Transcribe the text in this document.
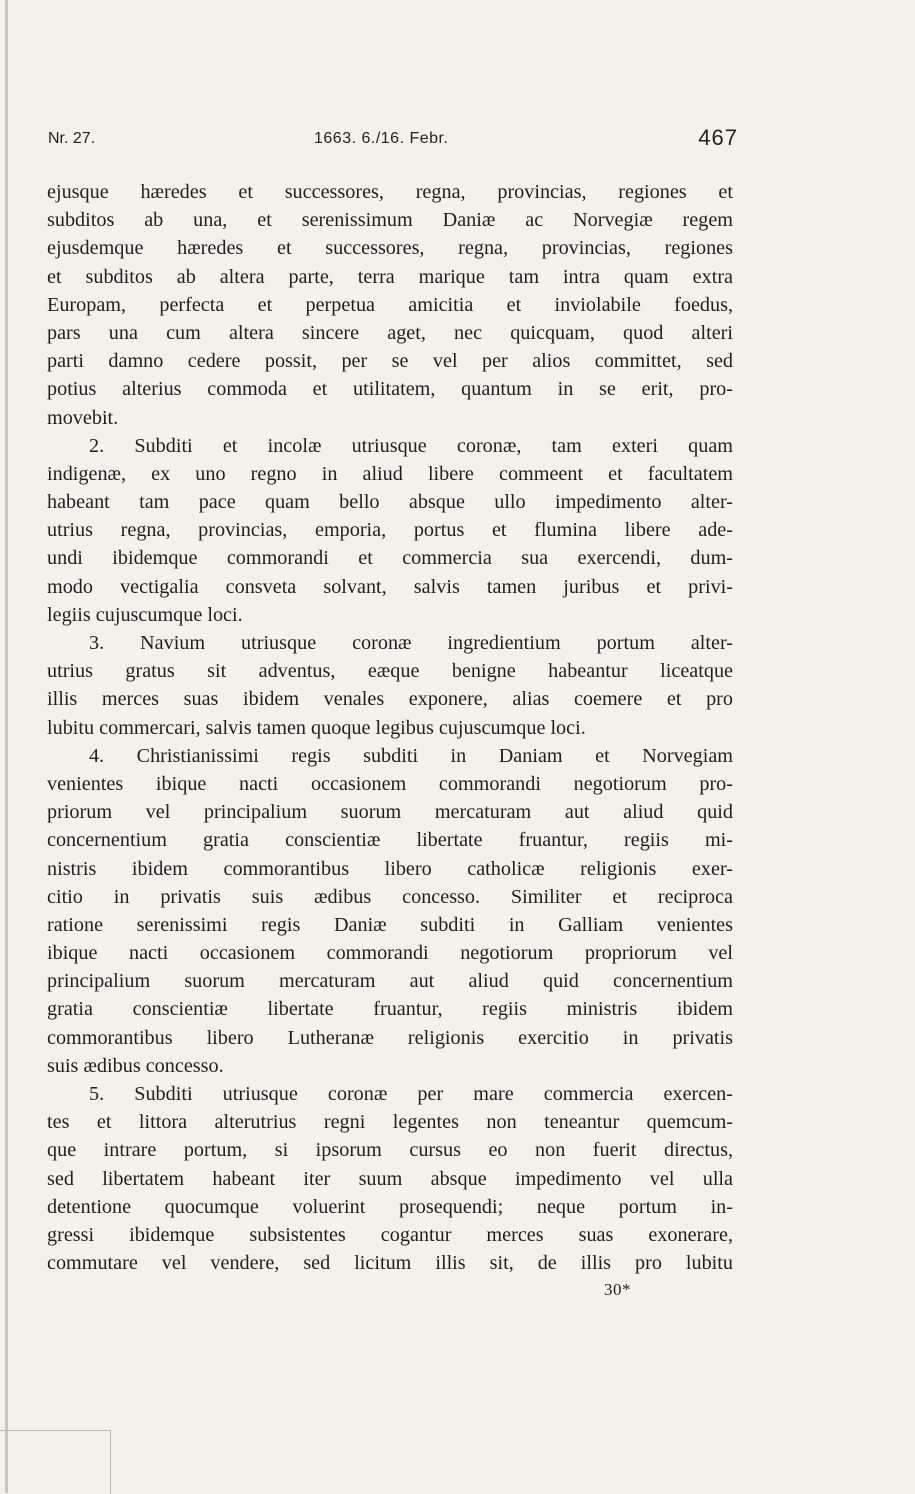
Nr. 27.	1663. 6./16. Febr.	467
ejusque hæredes et successores, regna, provincias, regiones et
subditos ab una, et serenissimum Daniæ ac Norvegiæ regem
ejusdemque hæredes et successores, regna, provincias, regiones
et subditos ab altera parte, terra marique tam intra quam extra
Europam, perfecta et perpetua amicitia et inviolabile foedus,
pars una cum altera sincere aget, nec quicquam, quod alteri
parti damno cedere possit, per se vel per alios committet, sed
potius alterius commoda et utilitatem, quantum in se erit, pro-
movebit.
2. Subditi et incolæ utriusque coronæ, tam exteri quam
indigenæ, ex uno regno in aliud libere commeent et facultatem
habeant tam pace quam bello absque ullo impedimento alter-
utrius regna, provincias, emporia, portus et flumina libere ade-
undi ibidemque commorandi et commercia sua exercendi, dum-
modo vectigalia consveta solvant, salvis tamen juribus et privi-
legiis cujuscumque loci.
3. Navium utriusque coronæ ingredientium portum alter-
utrius gratus sit adventus, eæque benigne habeantur liceatque
illis merces suas ibidem venales exponere, alias coemere et pro
lubitu commercari, salvis tamen quoque legibus cujuscumque loci.
4. Christianissimi regis subditi in Daniam et Norvegiam
venientes ibique nacti occasionem commorandi negotiorum pro-
priorum vel principalium suorum mercaturam aut aliud quid
concernentium gratia conscientiæ libertate fruantur, regiis mi-
nistris ibidem commorantibus libero catholicæ religionis exer-
citio in privatis suis ædibus concesso. Similiter et reciproca
ratione serenissimi regis Daniæ subditi in Galliam venientes
ibique nacti occasionem commorandi negotiorum propriorum vel
principalium suorum mercaturam aut aliud quid concernentium
gratia conscientiæ libertate fruantur, regiis ministris ibidem
commorantibus libero Lutheranæ religionis exercitio in privatis
suis ædibus concesso.
5. Subditi utriusque coronæ per mare commercia exercen-
tes et littora alterutrius regni legentes non teneantur quemcum-
que intrare portum, si ipsorum cursus eo non fuerit directus,
sed libertatem habeant iter suum absque impedimento vel ulla
detentione quocumque voluerint prosequendi; neque portum in-
gressi ibidemque subsistentes cogantur merces suas exonerare,
commutare vel vendere, sed licitum illis sit, de illis pro lubitu
30*
